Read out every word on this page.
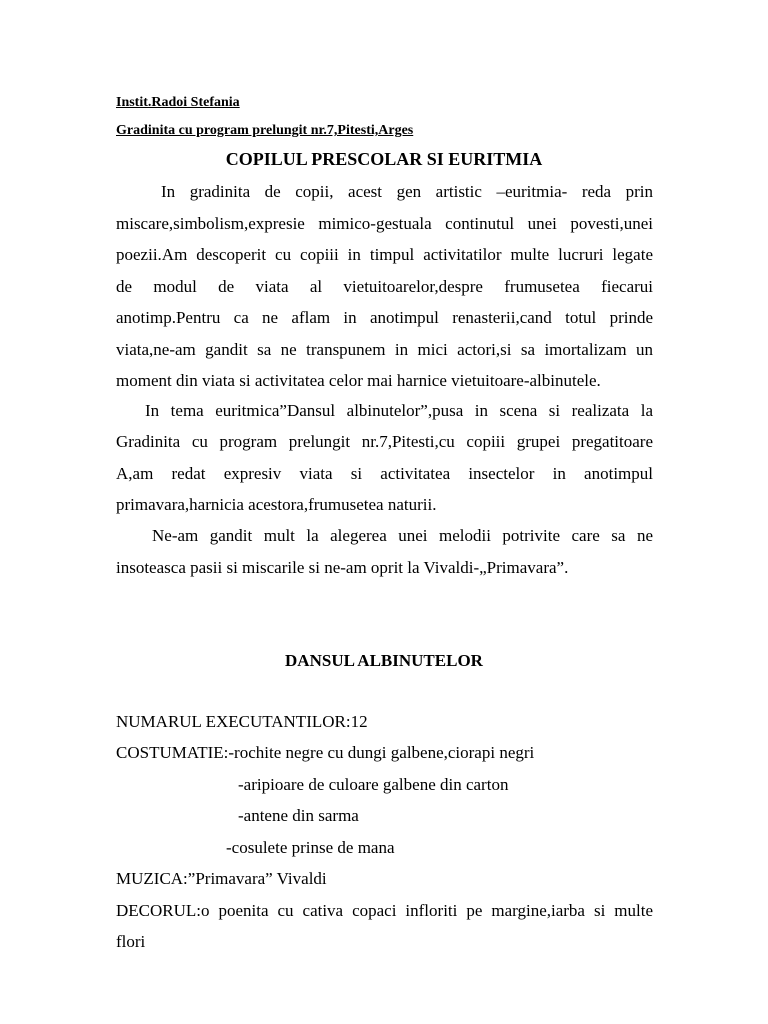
Instit.Radoi Stefania
Gradinita cu program prelungit nr.7,Pitesti,Arges
COPILUL PRESCOLAR SI EURITMIA
In gradinita de copii, acest gen artistic –euritmia- reda prin
miscare,simbolism,expresie mimico-gestuala continutul unei povesti,unei
poezii.Am descoperit cu copiii in timpul activitatilor multe lucruri legate
de modul de viata al vietuitoarelor,despre frumusetea fiecarui
anotimp.Pentru ca ne aflam in anotimpul renasterii,cand totul prinde
viata,ne-am gandit sa ne transpunem in mici actori,si sa imortalizam un
moment din viata si activitatea celor mai harnice vietuitoare-albinutele.
In tema euritmica”Dansul albinutelor”,pusa in scena si realizata la
Gradinita cu program prelungit nr.7,Pitesti,cu copiii grupei pregatitoare
A,am redat expresiv viata si activitatea insectelor in anotimpul
primavara,harnicia acestora,frumusetea naturii.
Ne-am gandit mult la alegerea unei melodii potrivite care sa ne
insoteasca pasii si miscarile si ne-am oprit la Vivaldi-„Primavara”.
DANSUL ALBINUTELOR
NUMARUL EXECUTANTILOR:12
COSTUMATIE:-rochite negre cu dungi galbene,ciorapi negri
-aripioare de culoare galbene din carton
-antene din sarma
-cosulete prinse de mana
MUZICA:”Primavara” Vivaldi
DECORUL:o poenita cu cativa copaci infloriti pe margine,iarba si multe
flori
